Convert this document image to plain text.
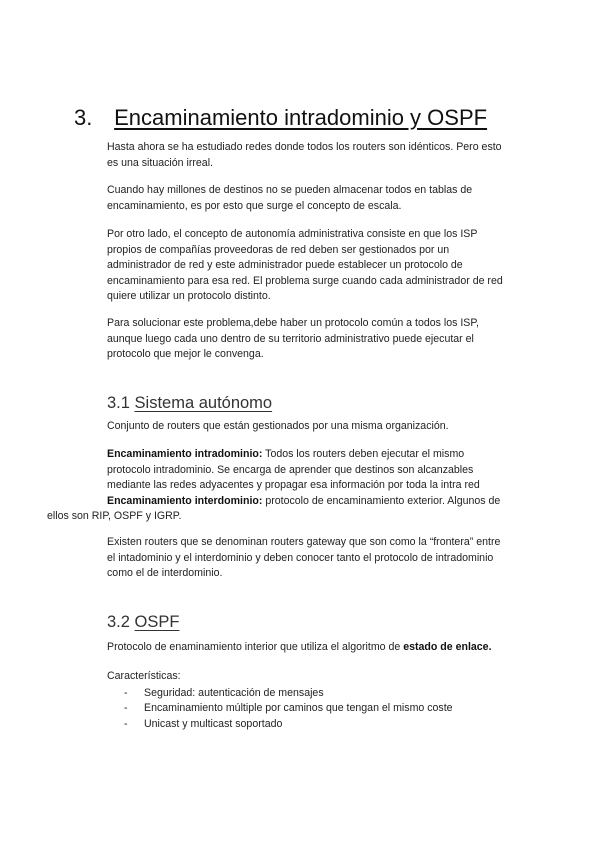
3. Encaminamiento intradominio y OSPF
Hasta ahora se ha estudiado redes donde todos los routers son idénticos. Pero esto
es una situación irreal.
Cuando hay millones de destinos no se pueden almacenar todos en tablas de
encaminamiento, es por esto que surge el concepto de escala.
Por otro lado, el concepto de autonomía administrativa consiste en que los ISP
propios de compañías proveedoras de red deben ser gestionados por un
administrador de red y este administrador puede establecer un protocolo de
encaminamiento para esa red. El problema surge cuando cada administrador de red
quiere utilizar un protocolo distinto.
Para solucionar este problema,debe haber un protocolo común a todos los ISP,
aunque luego cada uno dentro de su territorio administrativo puede ejecutar el
protocolo que mejor le convenga.
3.1 Sistema autónomo
Conjunto de routers que están gestionados por una misma organización.
Encaminamiento intradominio: Todos los routers deben ejecutar el mismo
protocolo intradominio. Se encarga de aprender que destinos son alcanzables
mediante las redes adyacentes y propagar esa información por toda la intra red
Encaminamiento interdominio: protocolo de encaminamiento exterior. Algunos de
ellos son RIP, OSPF y IGRP.
Existen routers que se denominan routers gateway que son como la “frontera” entre
el intadominio y el interdominio y deben conocer tanto el protocolo de intradominio
como el de interdominio.
3.2 OSPF
Protocolo de enaminamiento interior que utiliza el algoritmo de estado de enlace.
Características:
- Seguridad: autenticación de mensajes
- Encaminamiento múltiple por caminos que tengan el mismo coste
- Unicast y multicast soportado
